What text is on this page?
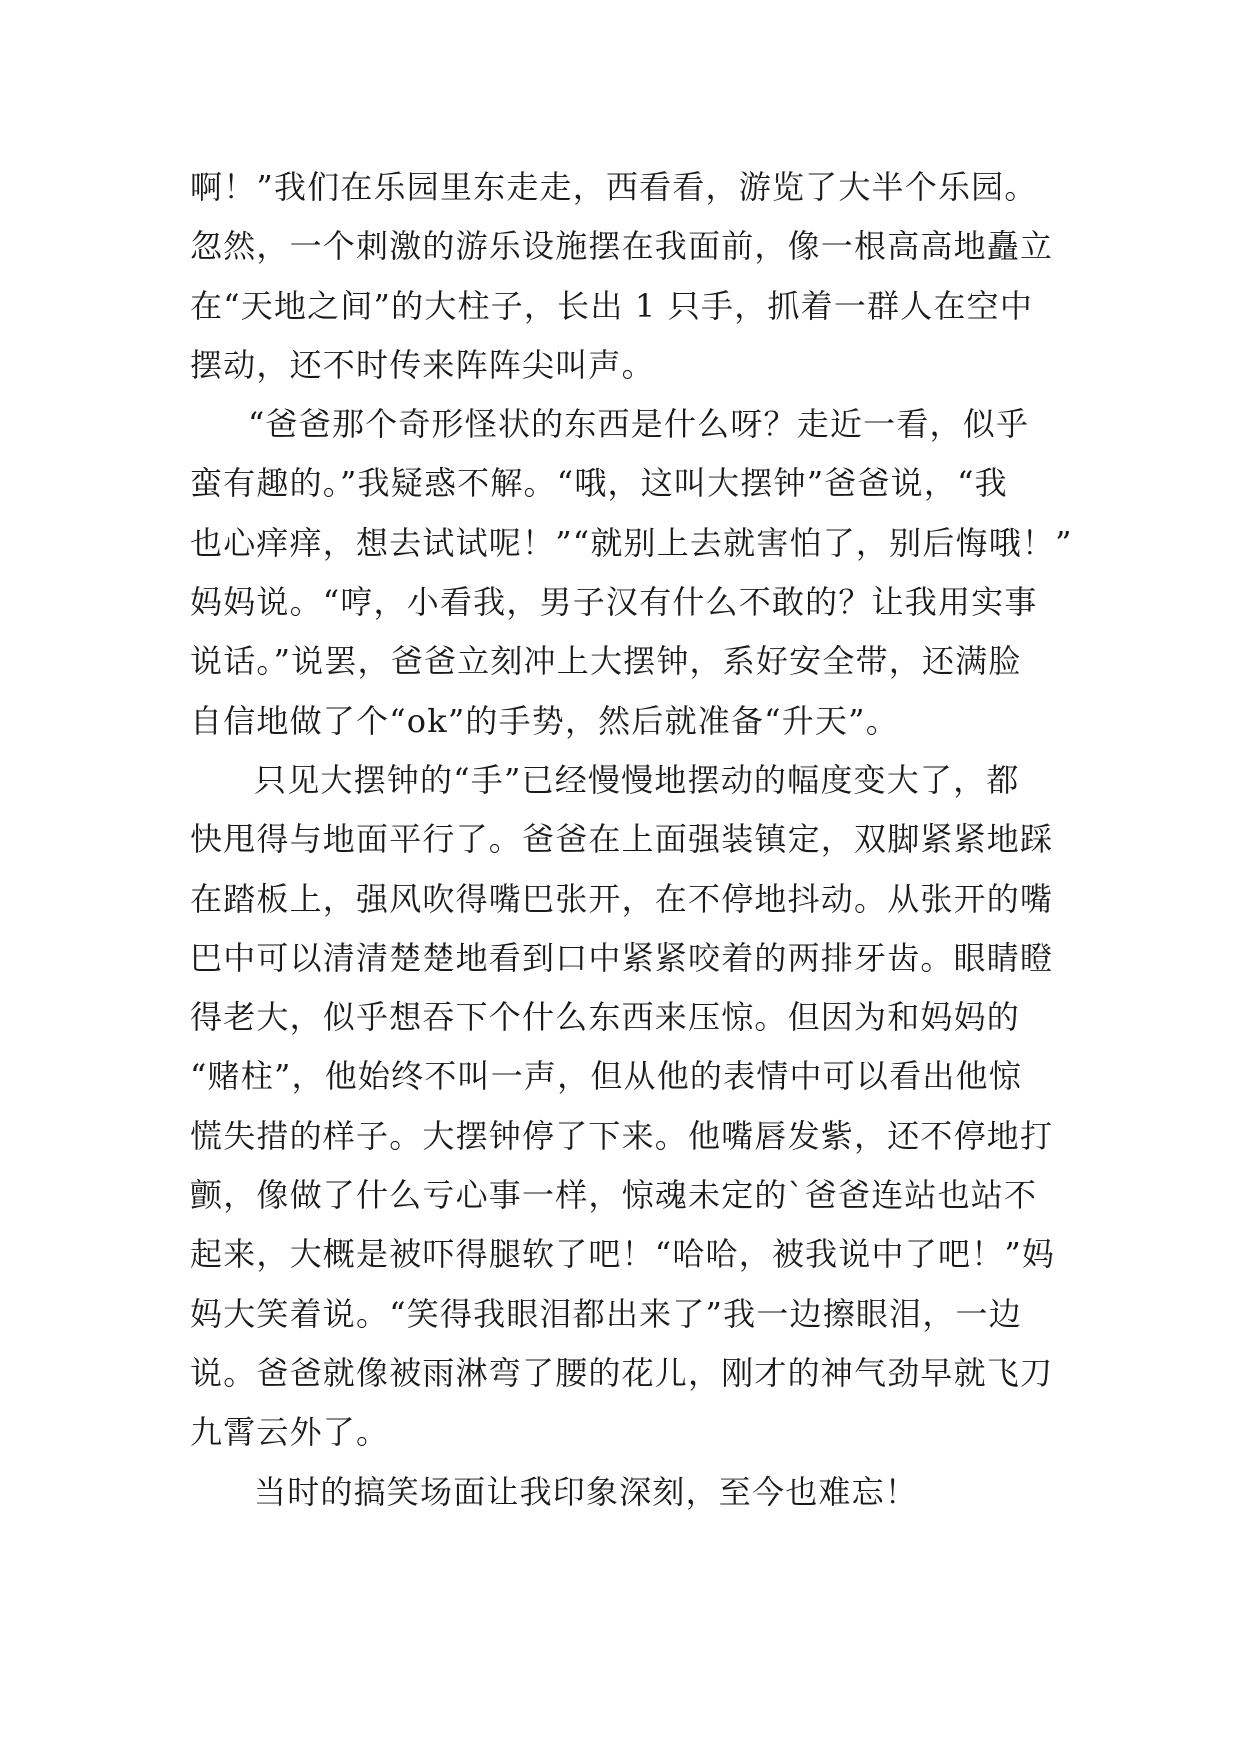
啊！”我们在乐园里东走走，西看看，游览了大半个乐园。
忽然，一个刺激的游乐设施摆在我面前，像一根高高地矗立
在“天地之间”的大柱子，长出 1 只手，抓着一群人在空中
摆动，还不时传来阵阵尖叫声。
“爸爸那个奇形怪状的东西是什么呀？走近一看，似乎
蛮有趣的。”我疑惑不解。“哦，这叫大摆钟”爸爸说，“我
也心痒痒，想去试试呢！”“就别上去就害怕了，别后悔哦！”
妈妈说。“哼，小看我，男子汉有什么不敢的？让我用实事
说话。”说罢，爸爸立刻冲上大摆钟，系好安全带，还满脸
自信地做了个“ok”的手势，然后就准备“升天”。
只见大摆钟的“手”已经慢慢地摆动的幅度变大了，都
快甩得与地面平行了。爸爸在上面强装镇定，双脚紧紧地踩
在踏板上，强风吹得嘴巴张开，在不停地抖动。从张开的嘴
巴中可以清清楚楚地看到口中紧紧咬着的两排牙齿。眼睛瞪
得老大，似乎想吞下个什么东西来压惊。但因为和妈妈的
“赌柱”，他始终不叫一声，但从他的表情中可以看出他惊
慌失措的样子。大摆钟停了下来。他嘴唇发紫，还不停地打
颤，像做了什么亏心事一样，惊魂未定的`爸爸连站也站不
起来，大概是被吓得腿软了吧！“哈哈，被我说中了吧！”妈
妈大笑着说。“笑得我眼泪都出来了”我一边擦眼泪，一边
说。爸爸就像被雨淋弯了腰的花儿，刚才的神气劲早就飞刀
九霄云外了。
当时的搞笑场面让我印象深刻，至今也难忘！
